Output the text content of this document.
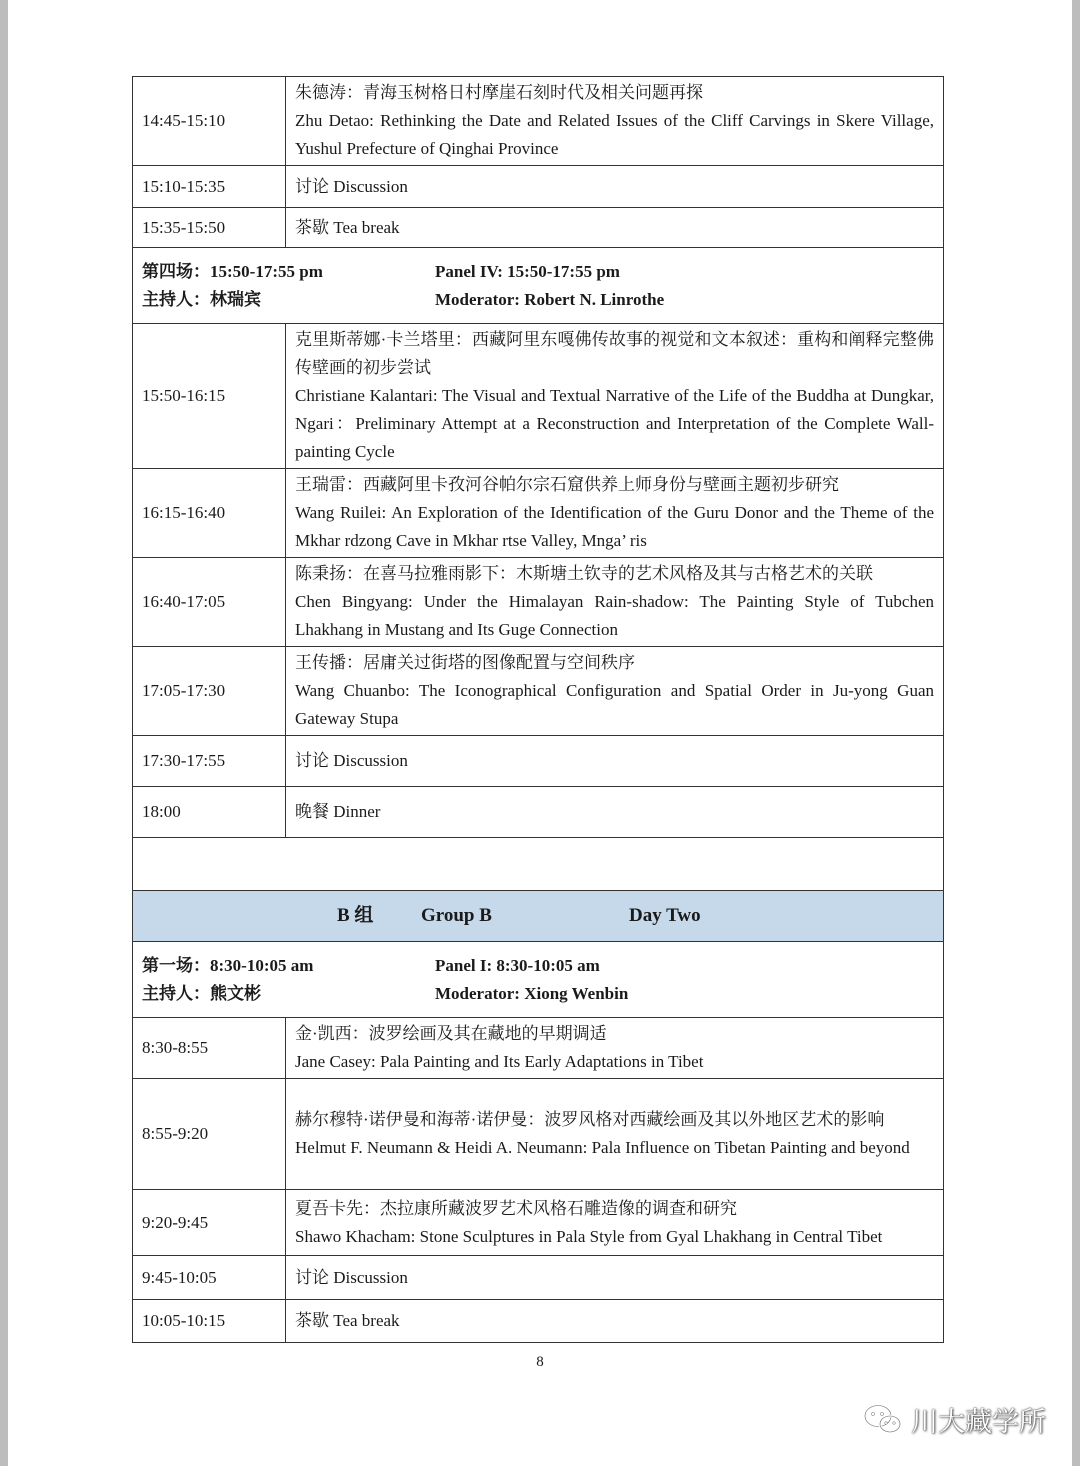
14:45-15:10	朱德涛：青海玉树格日村摩崖石刻时代及相关问题再探
Zhu Detao: Rethinking the Date and Related Issues of the Cliff Carvings in Skere Village, Yushul Prefecture of Qinghai Province

15:10-15:35	讨论 Discussion
15:35-15:50	茶歇 Tea break

第四场：15:50-17:55 pm Panel IV: 15:50-17:55 pm
主持人：林瑞宾 Moderator: Robert N. Linrothe	

15:50-16:15	克里斯蒂娜·卡兰塔里：西藏阿里东嘎佛传故事的视觉和文本叙述：重构和阐释完整佛传壁画的初步尝试
Christiane Kalantari: The Visual and Textual Narrative of the Life of the Buddha at Dungkar, Ngari：Preliminary Attempt at a Reconstruction and Interpretation of the Complete Wall-painting Cycle

16:15-16:40	王瑞雷：西藏阿里卡孜河谷帕尔宗石窟供养上师身份与壁画主题初步研究
Wang Ruilei: An Exploration of the Identification of the Guru Donor and the Theme of the Mkhar rdzong Cave in Mkhar rtse Valley, Mnga’ ris

16:40-17:05	陈秉扬：在喜马拉雅雨影下：木斯塘土钦寺的艺术风格及其与古格艺术的关联
Chen Bingyang: Under the Himalayan Rain-shadow: The Painting Style of Tubchen Lhakhang in Mustang and Its Guge Connection

17:05-17:30	王传播：居庸关过街塔的图像配置与空间秩序
Wang Chuanbo: The Iconographical Configuration and Spatial Order in Ju-yong Guan Gateway Stupa

17:30-17:55	讨论 Discussion
18:00	晚餐 Dinner

B 组 Group B Day Two	

第一场：8:30-10:05 am Panel I: 8:30-10:05 am
主持人：熊文彬 Moderator: Xiong Wenbin	

8:30-8:55	金·凯西：波罗绘画及其在藏地的早期调适
Jane Casey: Pala Painting and Its Early Adaptations in Tibet

8:55-9:20	赫尔穆特·诺伊曼和海蒂·诺伊曼：波罗风格对西藏绘画及其以外地区艺术的影响
Helmut F. Neumann & Heidi A. Neumann: Pala Influence on Tibetan Painting and beyond

9:20-9:45	夏吾卡先：杰拉康所藏波罗艺术风格石雕造像的调查和研究
Shawo Khacham: Stone Sculptures in Pala Style from Gyal Lhakhang in Central Tibet

9:45-10:05	讨论 Discussion
10:05-10:15	茶歇 Tea break
8
川大藏学所
